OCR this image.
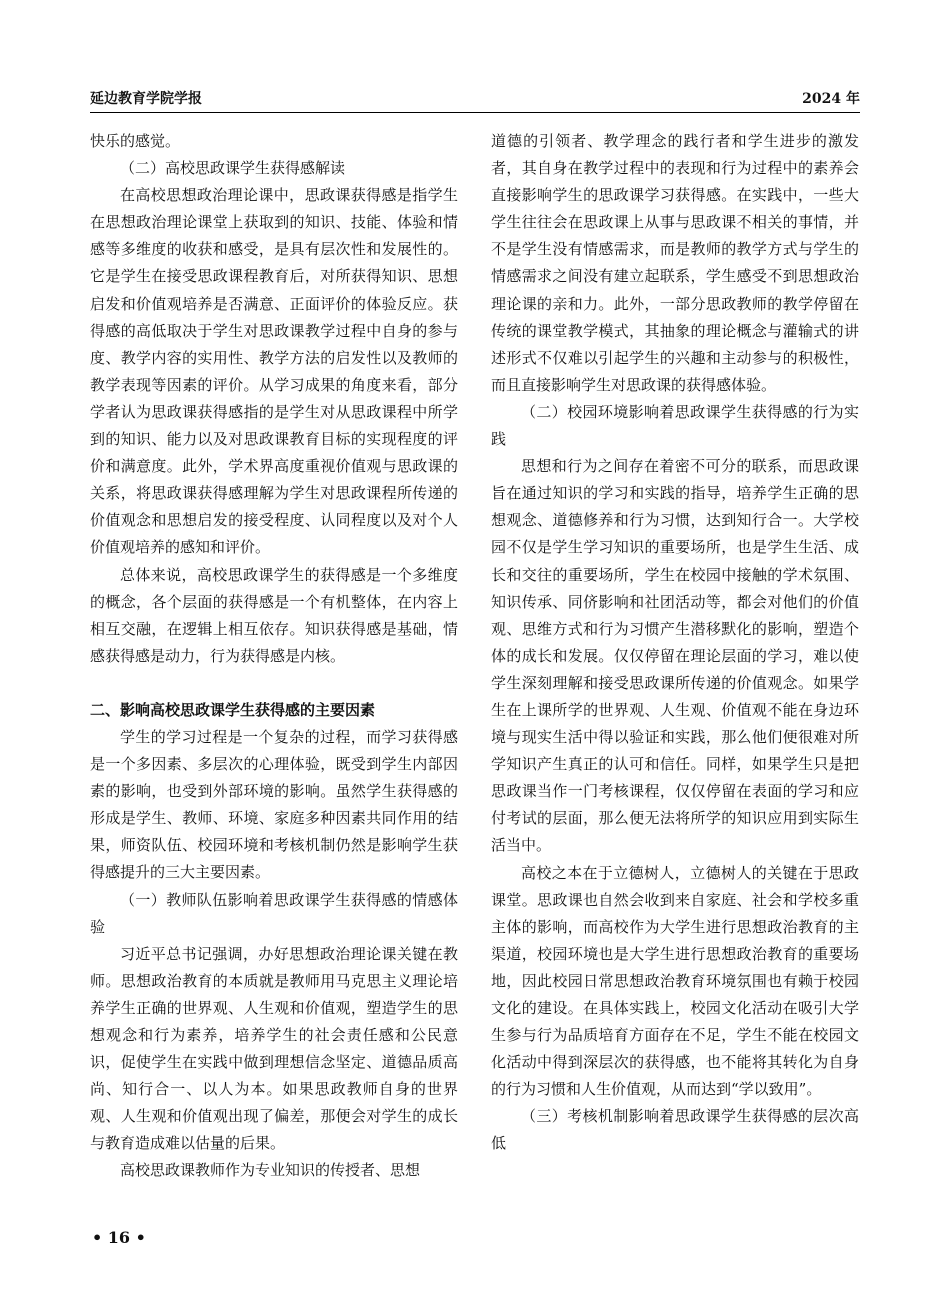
延边教育学院学报	2024 年

快乐的感觉。

（二）高校思政课学生获得感解读

在高校思想政治理论课中，思政课获得感是指学生在思想政治理论课堂上获取到的知识、技能、体验和情感等多维度的收获和感受，是具有层次性和发展性的。它是学生在接受思政课程教育后，对所获得知识、思想启发和价值观培养是否满意、正面评价的体验反应。获得感的高低取决于学生对思政课教学过程中自身的参与度、教学内容的实用性、教学方法的启发性以及教师的教学表现等因素的评价。从学习成果的角度来看，部分学者认为思政课获得感指的是学生对从思政课程中所学到的知识、能力以及对思政课教育目标的实现程度的评价和满意度。此外，学术界高度重视价值观与思政课的关系，将思政课获得感理解为学生对思政课程所传递的价值观念和思想启发的接受程度、认同程度以及对个人价值观培养的感知和评价。

总体来说，高校思政课学生的获得感是一个多维度的概念，各个层面的获得感是一个有机整体，在内容上相互交融，在逻辑上相互依存。知识获得感是基础，情感获得感是动力，行为获得感是内核。

二、影响高校思政课学生获得感的主要因素

学生的学习过程是一个复杂的过程，而学习获得感是一个多因素、多层次的心理体验，既受到学生内部因素的影响，也受到外部环境的影响。虽然学生获得感的形成是学生、教师、环境、家庭多种因素共同作用的结果，师资队伍、校园环境和考核机制仍然是影响学生获得感提升的三大主要因素。

（一）教师队伍影响着思政课学生获得感的情感体验

习近平总书记强调，办好思想政治理论课关键在教师。思想政治教育的本质就是教师用马克思主义理论培养学生正确的世界观、人生观和价值观，塑造学生的思想观念和行为素养，培养学生的社会责任感和公民意识，促使学生在实践中做到理想信念坚定、道德品质高尚、知行合一、以人为本。如果思政教师自身的世界观、人生观和价值观出现了偏差，那便会对学生的成长与教育造成难以估量的后果。

高校思政课教师作为专业知识的传授者、思想

道德的引领者、教学理念的践行者和学生进步的激发者，其自身在教学过程中的表现和行为过程中的素养会直接影响学生的思政课学习获得感。在实践中，一些大学生往往会在思政课上从事与思政课不相关的事情，并不是学生没有情感需求，而是教师的教学方式与学生的情感需求之间没有建立起联系，学生感受不到思想政治理论课的亲和力。此外，一部分思政教师的教学停留在传统的课堂教学模式，其抽象的理论概念与灌输式的讲述形式不仅难以引起学生的兴趣和主动参与的积极性，而且直接影响学生对思政课的获得感体验。

（二）校园环境影响着思政课学生获得感的行为实践

思想和行为之间存在着密不可分的联系，而思政课旨在通过知识的学习和实践的指导，培养学生正确的思想观念、道德修养和行为习惯，达到知行合一。大学校园不仅是学生学习知识的重要场所，也是学生生活、成长和交往的重要场所，学生在校园中接触的学术氛围、知识传承、同侪影响和社团活动等，都会对他们的价值观、思维方式和行为习惯产生潜移默化的影响，塑造个体的成长和发展。仅仅停留在理论层面的学习，难以使学生深刻理解和接受思政课所传递的价值观念。如果学生在上课所学的世界观、人生观、价值观不能在身边环境与现实生活中得以验证和实践，那么他们便很难对所学知识产生真正的认可和信任。同样，如果学生只是把思政课当作一门考核课程，仅仅停留在表面的学习和应付考试的层面，那么便无法将所学的知识应用到实际生活当中。

高校之本在于立德树人，立德树人的关键在于思政课堂。思政课也自然会收到来自家庭、社会和学校多重主体的影响，而高校作为大学生进行思想政治教育的主渠道，校园环境也是大学生进行思想政治教育的重要场地，因此校园日常思想政治教育环境氛围也有赖于校园文化的建设。在具体实践上，校园文化活动在吸引大学生参与行为品质培育方面存在不足，学生不能在校园文化活动中得到深层次的获得感，也不能将其转化为自身的行为习惯和人生价值观，从而达到“学以致用”。

（三）考核机制影响着思政课学生获得感的层次高低

• 16 •
